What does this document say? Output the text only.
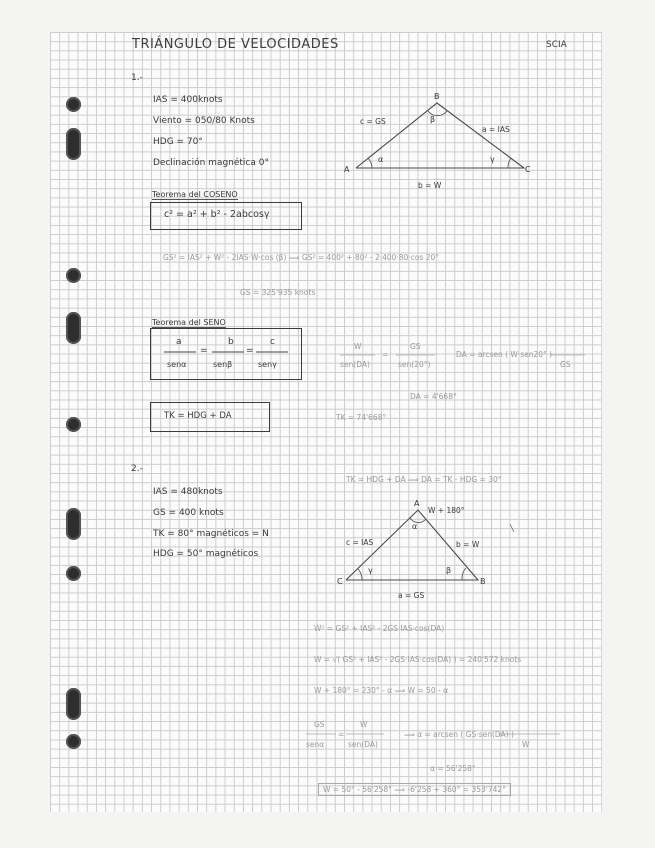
TRIÁNGULO DE VELOCIDADES	SCIA
1.-
IAS = 400knots
Viento = 050/80 Knots
HDG = 70°
Declinación magnética 0°
B
A	C
β
α	γ
c = GS
a = IAS
b = W
Teorema del COSENO
c² = a² + b² - 2abcosγ
GS² = IAS² + W² - 2IAS·W·cos (β) ⟹ GS² = 400² + 80² - 2·400·80·cos 20°
GS = 325'935 knots
Teorema del SENO
a	b	c
=	=
senα	senβ	senγ
W	GS
sen(DA)	sen(20°)
=	DA = arcsen ( W·sen20° )
GS
DA = 4'668°
TK = HDG + DA	TK = 74'668°
2.-
TK = HDG + DA ⟹ DA = TK - HDG = 30°
IAS = 480knots
GS = 400 knots
TK = 80° magnéticos = N
HDG = 50° magnéticos
A
C	B
α
γ	β
W + 180°
c = IAS	b = W
a = GS
W² = GS² + IAS² - 2GS·IAS·cos(DA)
W = √( GS² + IAS² - 2GS·IAS·cos(DA) ) = 240'572 knots
W + 180° = 230° - α ⟹ W = 50 - α
GS	W
senα	sen(DA)
=	⟹ α = arcsen ( GS·sen(DA) )
W
α = 56'258°
W = 50° - 56'258° ⟹ -6'258 + 360° = 353'742°
